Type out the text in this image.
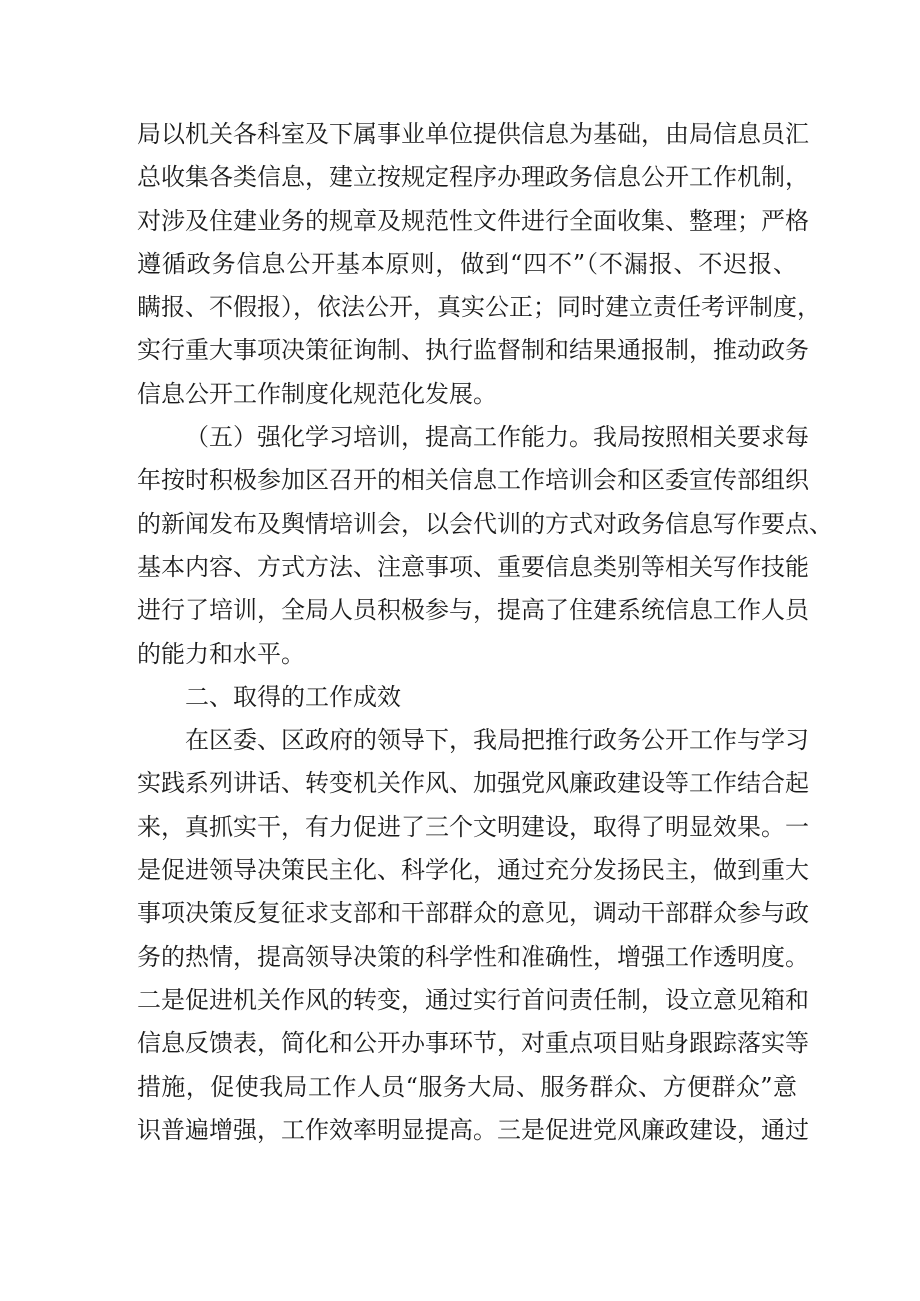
局以机关各科室及下属事业单位提供信息为基础，由局信息员汇
总收集各类信息，建立按规定程序办理政务信息公开工作机制，
对涉及住建业务的规章及规范性文件进行全面收集、整理；严格
遵循政务信息公开基本原则，做到“四不”（不漏报、不迟报、
瞒报、不假报），依法公开，真实公正；同时建立责任考评制度，
实行重大事项决策征询制、执行监督制和结果通报制，推动政务
信息公开工作制度化规范化发展。
（五）强化学习培训，提高工作能力。我局按照相关要求每
年按时积极参加区召开的相关信息工作培训会和区委宣传部组织
的新闻发布及舆情培训会，以会代训的方式对政务信息写作要点、
基本内容、方式方法、注意事项、重要信息类别等相关写作技能
进行了培训，全局人员积极参与，提高了住建系统信息工作人员
的能力和水平。
二、取得的工作成效
在区委、区政府的领导下，我局把推行政务公开工作与学习
实践系列讲话、转变机关作风、加强党风廉政建设等工作结合起
来，真抓实干，有力促进了三个文明建设，取得了明显效果。一
是促进领导决策民主化、科学化，通过充分发扬民主，做到重大
事项决策反复征求支部和干部群众的意见，调动干部群众参与政
务的热情，提高领导决策的科学性和准确性，增强工作透明度。
二是促进机关作风的转变，通过实行首问责任制，设立意见箱和
信息反馈表，简化和公开办事环节，对重点项目贴身跟踪落实等
措施，促使我局工作人员“服务大局、服务群众、方便群众”意
识普遍增强，工作效率明显提高。三是促进党风廉政建设，通过
